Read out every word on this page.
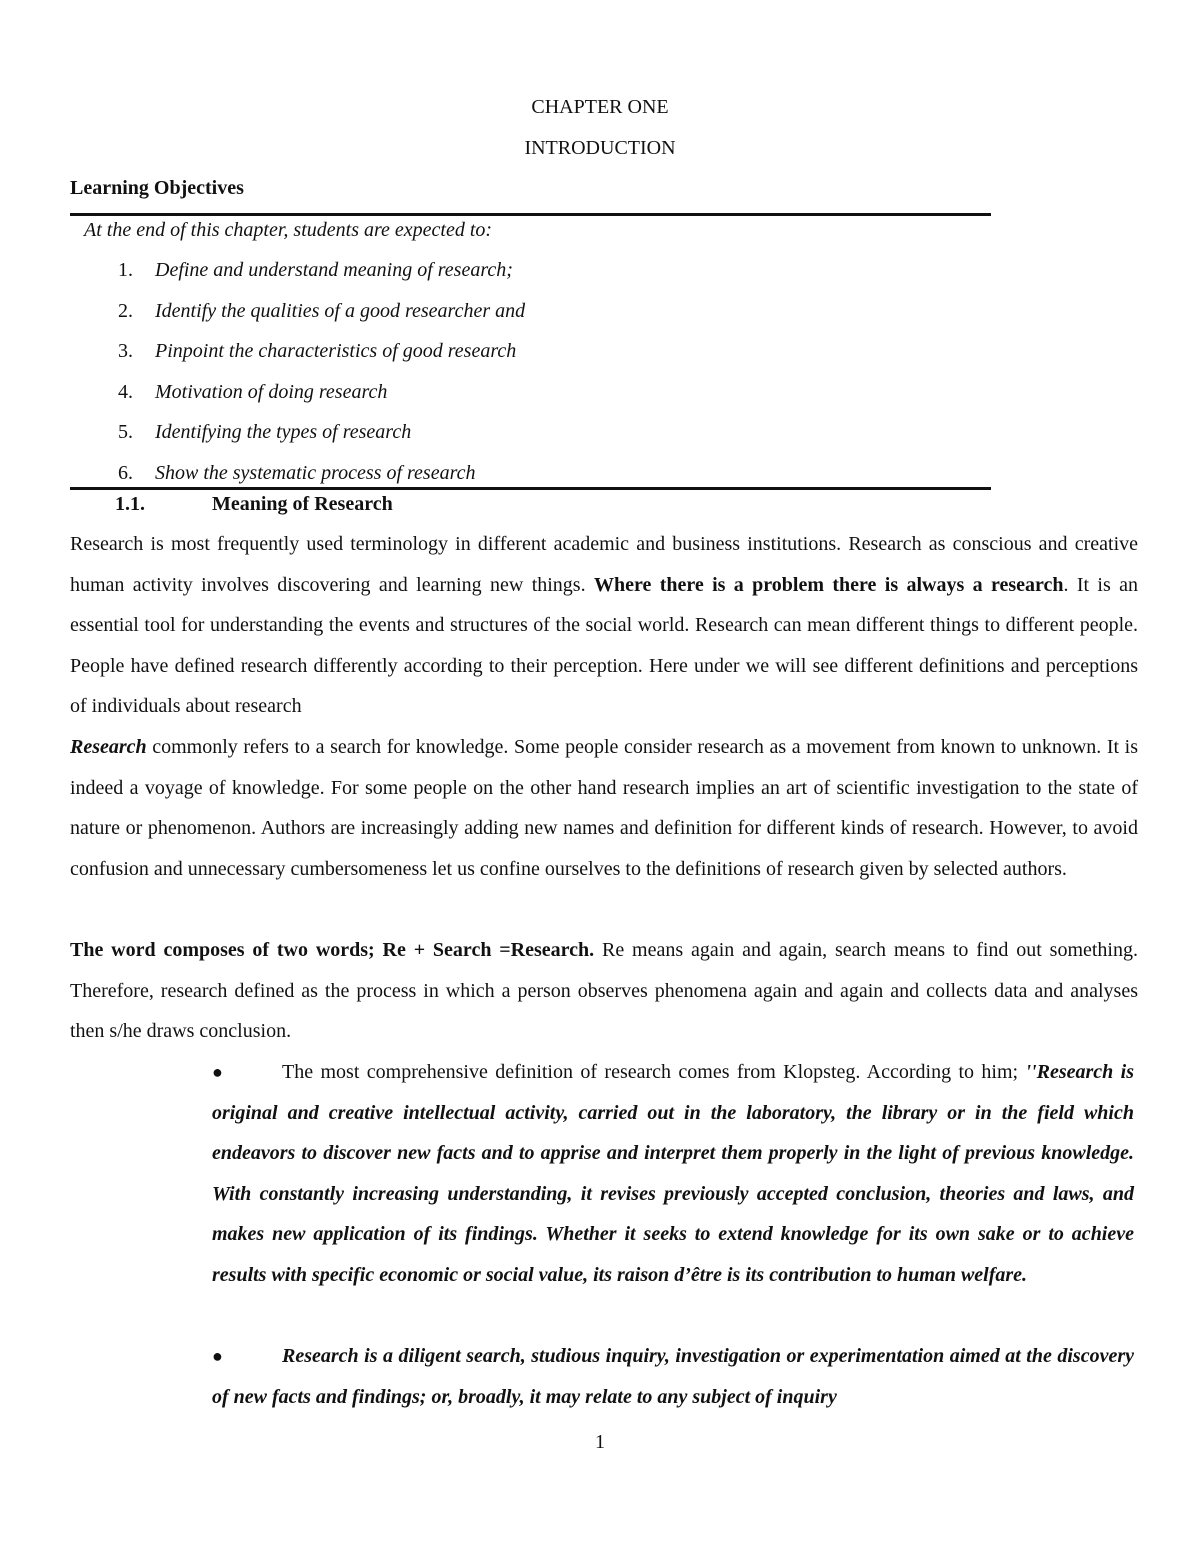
CHAPTER ONE
INTRODUCTION
Learning Objectives
At the end of this chapter, students are expected to:
1. Define and understand meaning of research;
2. Identify the qualities of a good researcher and
3. Pinpoint the characteristics of good research
4. Motivation of doing research
5. Identifying the types of research
6. Show the systematic process of research
1.1.	Meaning of Research

Research is most frequently used terminology in different academic and business institutions. Research as conscious and creative human activity involves discovering and learning new things. Where there is a problem there is always a research. It is an essential tool for understanding the events and structures of the social world. Research can mean different things to different people. People have defined research differently according to their perception. Here under we will see different definitions and perceptions of individuals about research

Research commonly refers to a search for knowledge. Some people consider research as a movement from known to unknown. It is indeed a voyage of knowledge. For some people on the other hand research implies an art of scientific investigation to the state of nature or phenomenon. Authors are increasingly adding new names and definition for different kinds of research. However, to avoid confusion and unnecessary cumbersomeness let us confine ourselves to the definitions of research given by selected authors.

The word composes of two words; Re + Search =Research. Re means again and again, search means to find out something. Therefore, research defined as the process in which a person observes phenomena again and again and collects data and analyses then s/he draws conclusion.

●	The most comprehensive definition of research comes from Klopsteg. According to him; ''Research is original and creative intellectual activity, carried out in the laboratory, the library or in the field which endeavors to discover new facts and to apprise and interpret them properly in the light of previous knowledge. With constantly increasing understanding, it revises previously accepted conclusion, theories and laws, and makes new application of its findings. Whether it seeks to extend knowledge for its own sake or to achieve results with specific economic or social value, its raison d’être is its contribution to human welfare.

●	Research is a diligent search, studious inquiry, investigation or experimentation aimed at the discovery of new facts and findings; or, broadly, it may relate to any subject of inquiry

1
